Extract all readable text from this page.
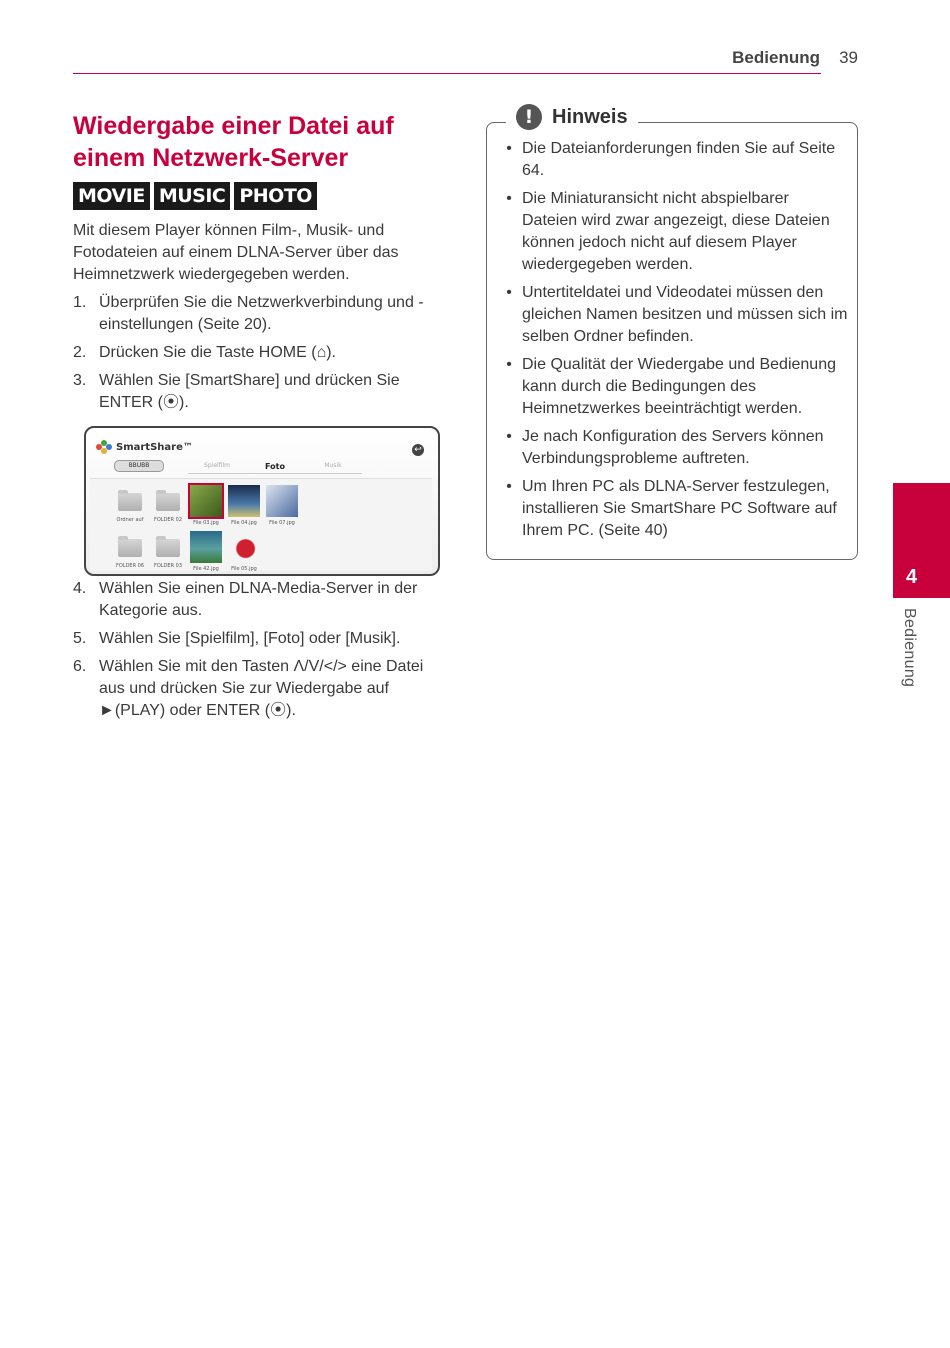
Bedienung 39
Wiedergabe einer Datei auf einem Netzwerk-Server
MOVIE MUSIC PHOTO

Mit diesem Player können Film-, Musik- und Fotodateien auf einem DLNA-Server über das Heimnetzwerk wiedergegeben werden.

1. Überprüfen Sie die Netzwerkverbindung und -einstellungen (Seite 20).
2. Drücken Sie die Taste HOME (⌂).
3. Wählen Sie [SmartShare] und drücken Sie ENTER (⦿).
SmartShare™	↩
BBUBB	Spielfilm	Foto	Musik
Ordner auf	FOLDER 02	File 03.jpg	File 04.jpg	File 07.jpg
FOLDER 06	FOLDER 03	File 42.jpg	File 05.jpg
4. Wählen Sie einen DLNA-Media-Server in der Kategorie aus.
5. Wählen Sie [Spielfilm], [Foto] oder [Musik].
6. Wählen Sie mit den Tasten Λ/V/</> eine Datei aus und drücken Sie zur Wiedergabe auf ►(PLAY) oder ENTER (⦿).
! Hinweis
• Die Dateianforderungen finden Sie auf Seite 64.
• Die Miniaturansicht nicht abspielbarer Dateien wird zwar angezeigt, diese Dateien können jedoch nicht auf diesem Player wiedergegeben werden.
• Untertiteldatei und Videodatei müssen den gleichen Namen besitzen und müssen sich im selben Ordner befinden.
• Die Qualität der Wiedergabe und Bedienung kann durch die Bedingungen des Heimnetzwerkes beeinträchtigt werden.
• Je nach Konfiguration des Servers können Verbindungsprobleme auftreten.
• Um Ihren PC als DLNA-Server festzulegen, installieren Sie SmartShare PC Software auf Ihrem PC. (Seite 40)
4
Bedienung
